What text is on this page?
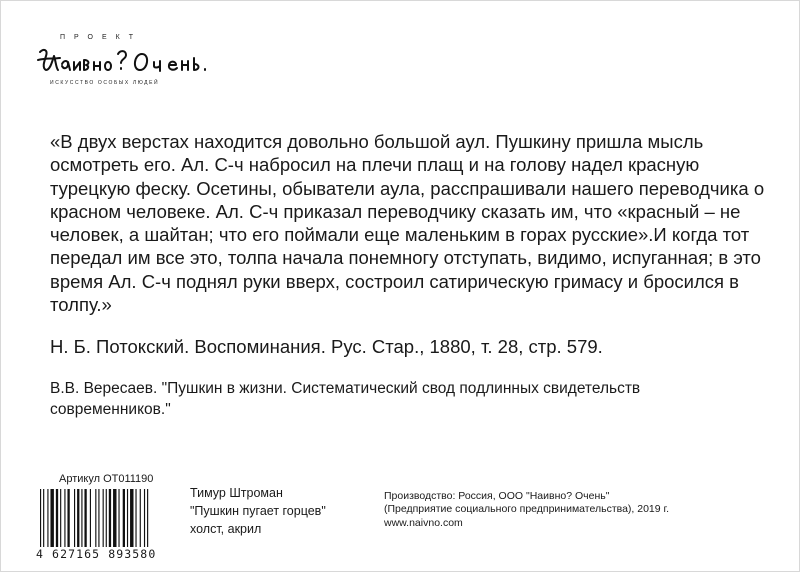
ПРОЕКТ
ИСКУССТВО ОСОБЫХ ЛЮДЕЙ

«В двух верстах находится довольно большой аул. Пушкину пришла мысль осмотреть его. Ал. С-ч набросил на плечи плащ и на голову надел красную турецкую феску. Осетины, обыватели аула, расспрашивали нашего переводчика о красном человеке. Ал. С-ч приказал переводчику сказать им, что «красный – не человек, а шайтан; что его поймали еще маленьким в горах русские».И когда тот передал им все это, толпа начала понемногу отступать, видимо, испуганная; в это время Ал. С-ч поднял руки вверх, состроил сатирическую гримасу и бросился в толпу.»

Н. Б. Потокский. Воспоминания. Рус. Стар., 1880, т. 28, стр. 579.

В.В. Вересаев. "Пушкин в жизни. Систематический свод подлинных свидетельств современников."

Артикул OT011190
4 627165 893580
Тимур Штроман
"Пушкин пугает горцев"
холст, акрил
Производство: Россия, ООО "Наивно? Очень"
(Предприятие социального предпринимательства), 2019 г.
www.naivno.com
